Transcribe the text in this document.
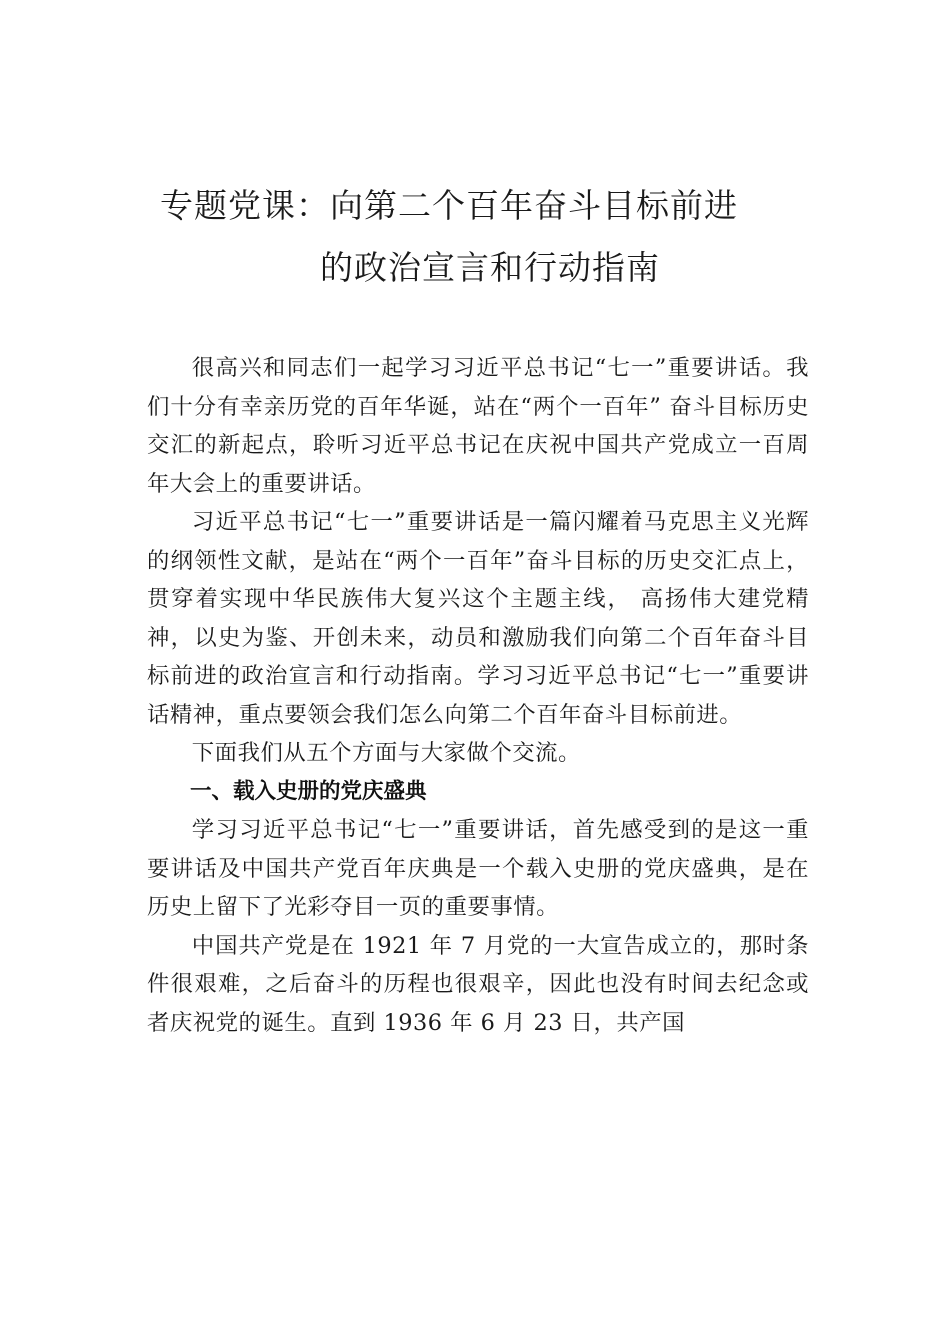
专题党课：向第二个百年奋斗目标前进
的政治宣言和行动指南

很高兴和同志们一起学习习近平总书记“七一”重要讲话。我们十分有幸亲历党的百年华诞，站在“两个一百年” 奋斗目标历史交汇的新起点，聆听习近平总书记在庆祝中国共产党成立一百周年大会上的重要讲话。

习近平总书记“七一”重要讲话是一篇闪耀着马克思主义光辉的纲领性文献，是站在“两个一百年”奋斗目标的历史交汇点上，贯穿着实现中华民族伟大复兴这个主题主线， 高扬伟大建党精神，以史为鉴、开创未来，动员和激励我们向第二个百年奋斗目标前进的政治宣言和行动指南。学习习近平总书记“七一”重要讲话精神，重点要领会我们怎么向第二个百年奋斗目标前进。

下面我们从五个方面与大家做个交流。

一、载入史册的党庆盛典

学习习近平总书记“七一”重要讲话，首先感受到的是这一重要讲话及中国共产党百年庆典是一个载入史册的党庆盛典，是在历史上留下了光彩夺目一页的重要事情。

中国共产党是在 1921 年 7 月党的一大宣告成立的，那时条件很艰难，之后奋斗的历程也很艰辛，因此也没有时间去纪念或者庆祝党的诞生。直到 1936 年 6 月 23 日，共产国
